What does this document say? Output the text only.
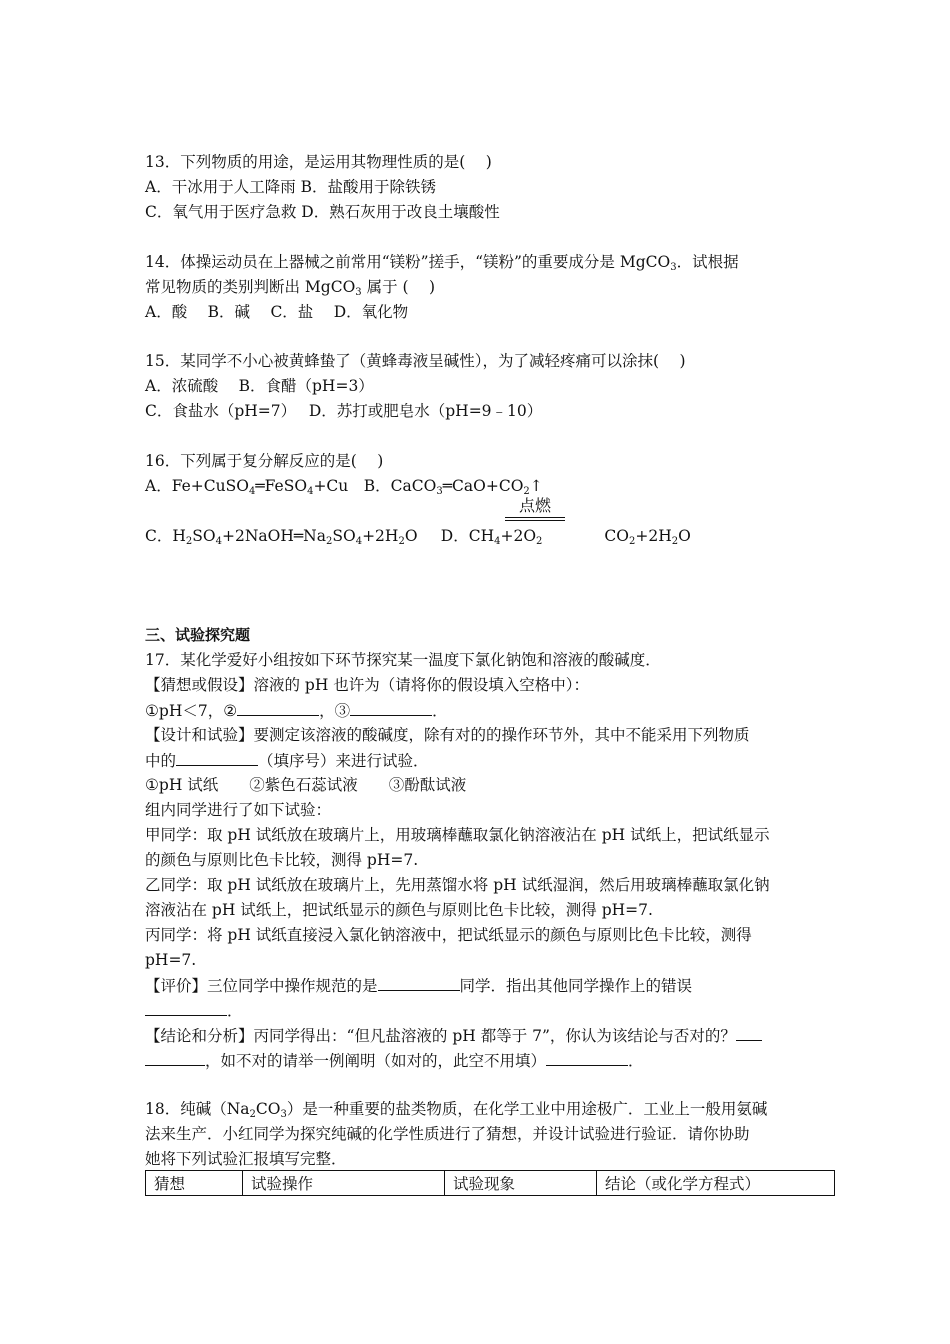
13．下列物质的用途，是运用其物理性质的是(　 )
A．干冰用于人工降雨 B．盐酸用于除铁锈
C．氧气用于医疗急救 D．熟石灰用于改良土壤酸性
14．体操运动员在上器械之前常用“镁粉”搓手，“镁粉”的重要成分是 MgCO$_3$．试根据
常见物质的类别判断出 MgCO$_3$ 属于 (　 )
A．酸　 B．碱　 C．盐　 D．氧化物
15．某同学不小心被黄蜂蛰了（黄蜂毒液呈碱性），为了减轻疼痛可以涂抹(　 )
A．浓硫酸　 B．食醋（pH=3）
C．食盐水（pH=7）　 D．苏打或肥皂水（pH=9﹣10）
16．下列属于复分解反应的是(　 )
A．Fe+CuSO$_4$═FeSO$_4$+Cu　B．$CaCO_3═CaO+CO_2↑$
点燃
C．$H_2SO_4+2NaOH═Na_2SO_4+2H_2O$　  D．$CH_4+2O_2$	$CO_2+2H_2O$
三、试验探究题
17．某化学爱好小组按如下环节探究某一温度下氯化钠饱和溶液的酸碱度．
【猜想或假设】溶液的 pH 也许为（请将你的假设填入空格中）：
①pH＜7，②	，③	．
【设计和试验】要测定该溶液的酸碱度，除有对的的操作环节外，其中不能采用下列物质
中的	（填序号）来进行试验．
①pH 试纸　　②紫色石蕊试液　　③酚酞试液
组内同学进行了如下试验：
甲同学：取 pH 试纸放在玻璃片上，用玻璃棒蘸取氯化钠溶液沾在 pH 试纸上，把试纸显示
的颜色与原则比色卡比较，测得 pH=7.
乙同学：取 pH 试纸放在玻璃片上，先用蒸馏水将 pH 试纸湿润，然后用玻璃棒蘸取氯化钠
溶液沾在 pH 试纸上，把试纸显示的颜色与原则比色卡比较，测得 pH=7.
丙同学：将 pH 试纸直接浸入氯化钠溶液中，把试纸显示的颜色与原则比色卡比较，测得
pH=7.
【评价】三位同学中操作规范的是	同学．指出其他同学操作上的错误
．
【结论和分析】丙同学得出：“但凡盐溶液的 pH 都等于 7”，你认为该结论与否对的？
，如不对的请举一例阐明（如对的，此空不用填）	．
18．纯碱$(Na_2CO_3)$是一种重要的盐类物质，在化学工业中用途极广．工业上一般用氨碱
法来生产．小红同学为探究纯碱的化学性质进行了猜想，并设计试验进行验证．请你协助
她将下列试验汇报填写完整．
猜想	试验操作	试验现象	结论（或化学方程式）
